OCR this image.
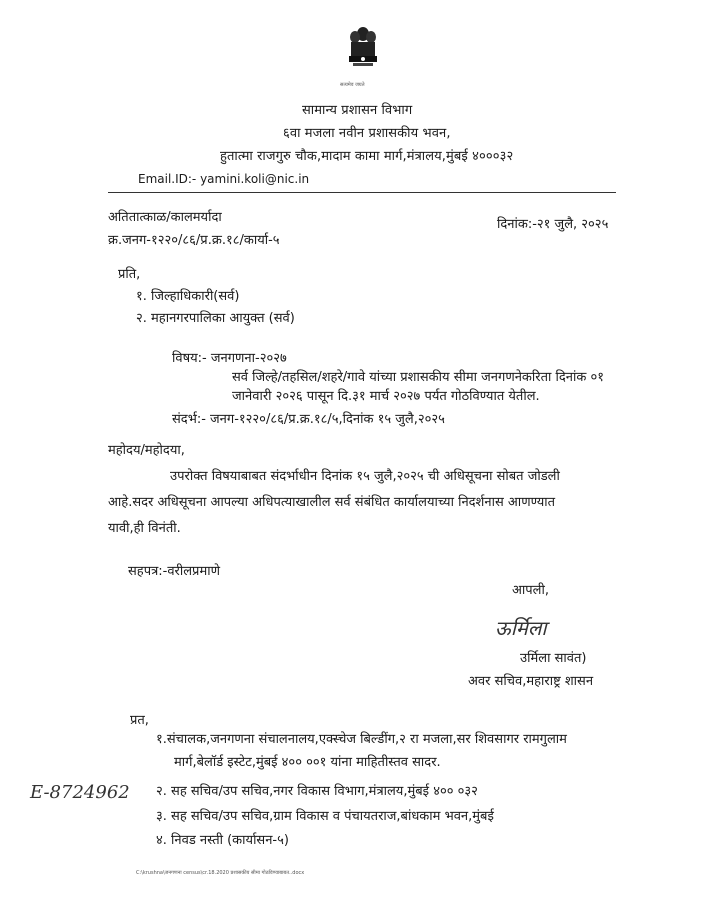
सत्यमेव जयते
सामान्य प्रशासन विभाग
६वा मजला नवीन प्रशासकीय भवन,
हुतात्मा राजगुरु चौक,मादाम कामा मार्ग,मंत्रालय,मुंबई ४०००३२
Email.ID:- yamini.koli@nic.in
अतितात्काळ/कालमर्यादा
क्र.जनग-१२२०/८६/प्र.क्र.१८/कार्या-५
दिनांक:-२१ जुलै, २०२५
प्रति,
१. जिल्हाधिकारी(सर्व)
२. महानगरपालिका आयुक्त (सर्व)
विषय:- जनगणना-२०२७
सर्व जिल्हे/तहसिल/शहरे/गावे यांच्या प्रशासकीय सीमा जनगणनेकरिता दिनांक ०१
जानेवारी २०२६ पासून दि.३१ मार्च २०२७ पर्यत गोठविण्यात येतील.
संदर्भ:- जनग-१२२०/८६/प्र.क्र.१८/५,दिनांक १५ जुलै,२०२५
महोदय/महोदया,
उपरोक्त विषयाबाबत संदर्भाधीन दिनांक १५ जुलै,२०२५ ची अधिसूचना सोबत जोडली
आहे.सदर अधिसूचना आपल्या अधिपत्याखालील सर्व संबंधित कार्यालयाच्या निदर्शनास आणण्यात
यावी,ही विनंती.
सहपत्र:-वरीलप्रमाणे
आपली,
ऊर्मिला
उर्मिला सावंत)
अवर सचिव,महाराष्ट्र शासन
प्रत,
१.संचालक,जनगणना संचालनालय,एक्स्चेज बिल्डींग,२ रा मजला,सर शिवसागर रामगुलाम
मार्ग,बेलॉर्ड इस्टेट,मुंबई ४०० ००१ यांना माहितीस्तव सादर.
E-8724962 २. सह सचिव/उप सचिव,नगर विकास विभाग,मंत्रालय,मुंबई ४०० ०३२
३. सह सचिव/उप सचिव,ग्राम विकास व पंचायतराज,बांधकाम भवन,मुंबई
४. निवड नस्ती (कार्यासन-५)
C:\krushna\जनगणना census\cr.18.2020 प्रशासकीय सीमा गोठविण्याबाबत..docx
